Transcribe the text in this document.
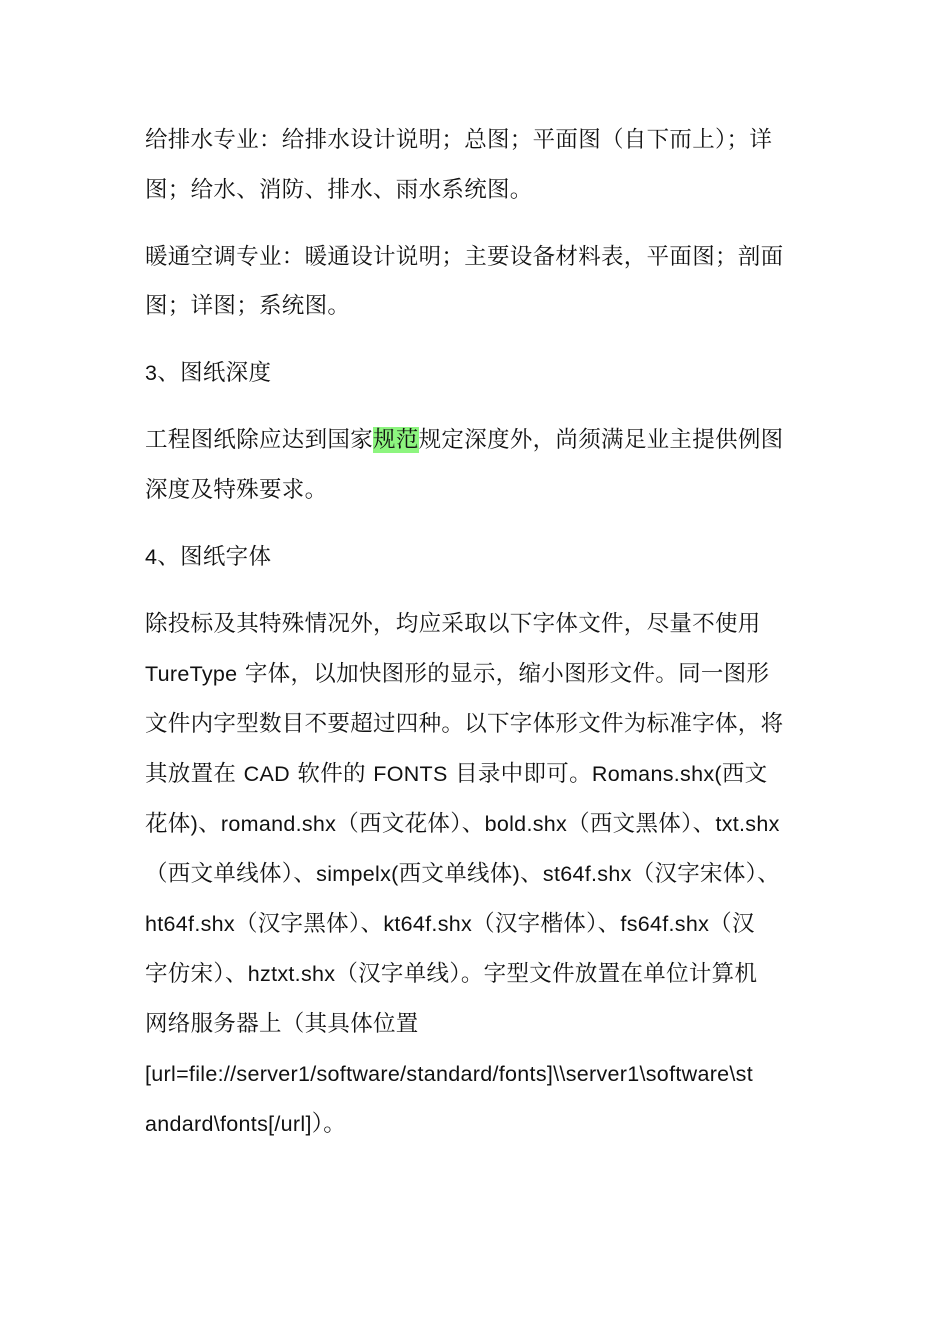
给排水专业：给排水设计说明；总图；平面图（自下而上）；详
图；给水、消防、排水、雨水系统图。
暖通空调专业：暖通设计说明；主要设备材料表，平面图；剖面
图；详图；系统图。
3、图纸深度
工程图纸除应达到国家规范规定深度外，尚须满足业主提供例图
深度及特殊要求。
4、图纸字体
除投标及其特殊情况外，均应采取以下字体文件，尽量不使用
TureType 字体，以加快图形的显示，缩小图形文件。同一图形
文件内字型数目不要超过四种。以下字体形文件为标准字体，将
其放置在 CAD 软件的 FONTS 目录中即可。Romans.shx(西文
花体)、romand.shx（西文花体）、bold.shx（西文黑体）、txt.shx
（西文单线体）、simpelx(西文单线体)、st64f.shx（汉字宋体）、
ht64f.shx（汉字黑体）、kt64f.shx（汉字楷体）、fs64f.shx（汉
字仿宋）、hztxt.shx（汉字单线）。字型文件放置在单位计算机
网络服务器上（其具体位置
[url=file://server1/software/standard/fonts]\\server1\software\st
andard\fonts[/url]）。
